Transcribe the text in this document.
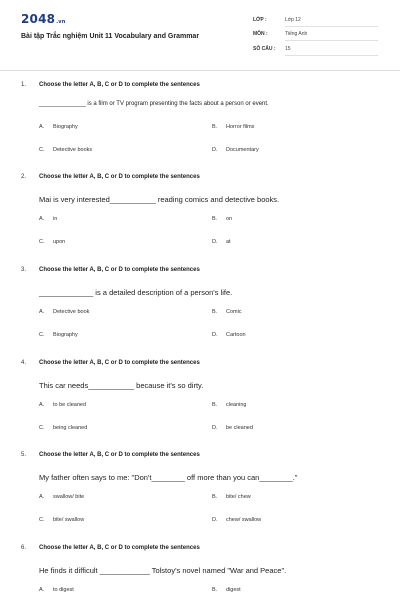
2048.vn
Bài tập Trắc nghiệm Unit 11 Vocabulary and Grammar
LỚP :	Lớp 12
MÔN :	Tiếng Anh
SỐ CÂU : 15
1. Choose the letter A, B, C or D to complete the sentences
______________ is a film or TV program presenting the facts about a person or event.
A. Biography	B. Horror films
C. Detective books	D. Documentary
2. Choose the letter A, B, C or D to complete the sentences
Mai is very interested___________ reading comics and detective books.
A. in	B. on
C. upon	D. at
3. Choose the letter A, B, C or D to complete the sentences
_____________ is a detailed description of a person's life.
A. Detective book	B. Comic
C. Biography	D. Cartoon
4. Choose the letter A, B, C or D to complete the sentences
This car needs___________ because it's so dirty.
A. to be cleaned	B. cleaning
C. being cleaned	D. be cleaned
5. Choose the letter A, B, C or D to complete the sentences
My father often says to me: "Don't________ off more than you can________."
A. swallow/ bite	B. bite/ chew
C. bite/ swallow	D. chew/ swallow
6. Choose the letter A, B, C or D to complete the sentences
He finds it difficult ____________ Tolstoy's novel named "War and Peace".
A. to digest	B. digest
